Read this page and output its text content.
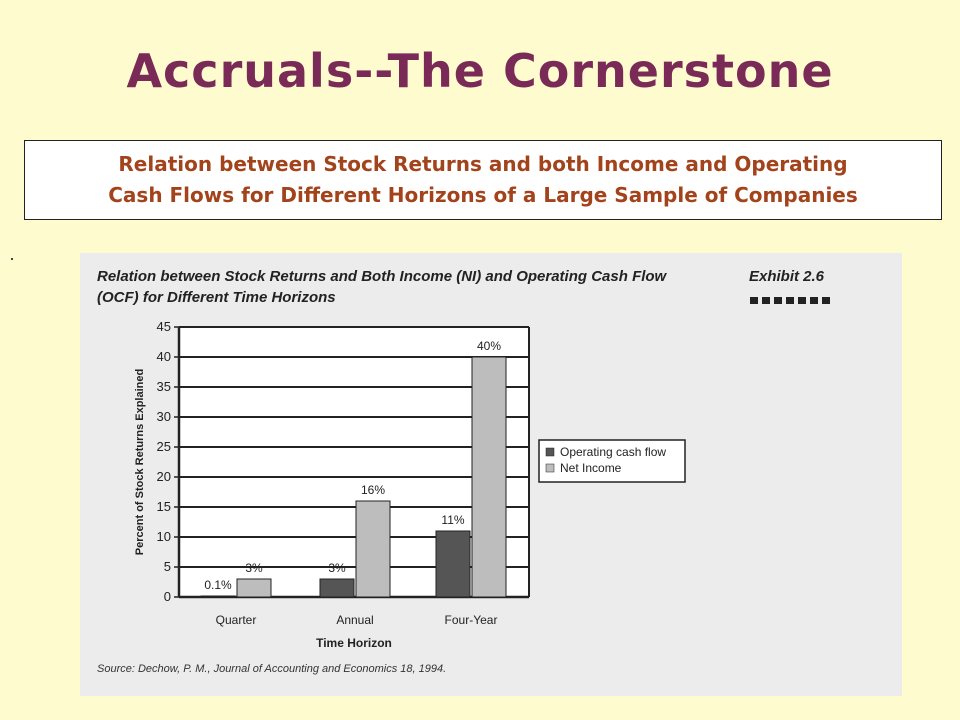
Accruals--The Cornerstone

Relation between Stock Returns and both Income and Operating
Cash Flows for Different Horizons of a Large Sample of Companies

Relation between Stock Returns and Both Income (NI) and Operating Cash Flow

(OCF) for Different Time Horizons

Exhibit 2.6

0
5
10
15
20
25
30
35
40
45
0.1%
3%
Quarter
3%
16%
Annual
11%
40%
Four-Year
Time Horizon
Percent of Stock Returns Explained	Operating cash flow
Net Income

Source: Dechow, P. M., Journal of Accounting and Economics 18, 1994.
